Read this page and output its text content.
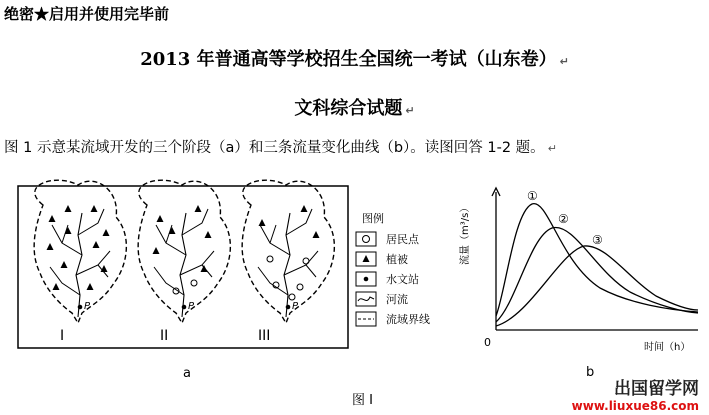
绝密★启用并使用完毕前
2013 年普通高等学校招生全国统一考试（山东卷） ↵
文科综合试题 ↵
图 1 示意某流域开发的三个阶段（a）和三条流量变化曲线（b）。读图回答 1-2 题。 ↵
I	II	III
P	P	P
图例
居民点
植被
水文站
河流
流域界线
a
0
流量（m³/s）
时间（h）
①
②
③
b
图 I
出国留学网
www.liuxue86.com
